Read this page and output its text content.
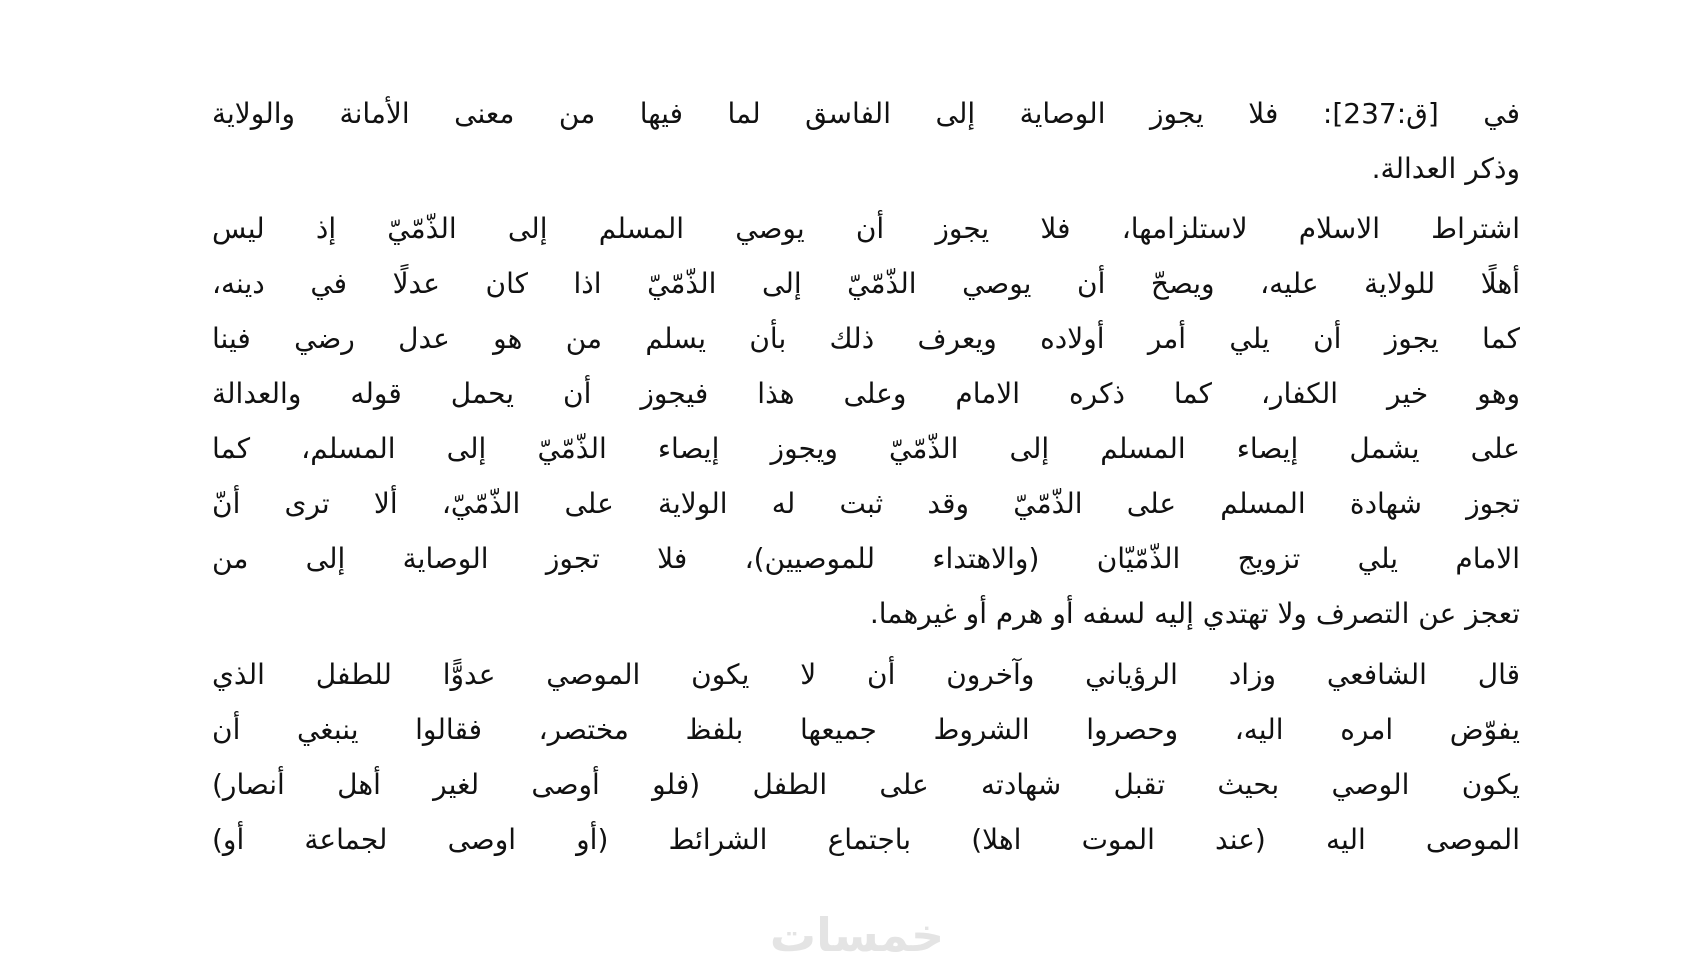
في [ق:237]: فلا يجوز الوصاية إلى الفاسق لما فيها من معنى الأمانة والولاية
وذكر العدالة.

اشتراط الاسلام لاستلزامها، فلا يجوز أن يوصي المسلم إلى الذّمّيّ إذ ليس
أهلًا للولاية عليه، ويصحّ أن يوصي الذّمّيّ إلى الذّمّيّ اذا كان عدلًا في دينه،
كما يجوز أن يلي أمر أولاده ويعرف ذلك بأن يسلم من هو عدل رضي فينا
وهو خير الكفار، كما ذكره الامام وعلى هذا فيجوز أن يحمل قوله والعدالة
على يشمل إيصاء المسلم إلى الذّمّيّ ويجوز إيصاء الذّمّيّ إلى المسلم، كما
تجوز شهادة المسلم على الذّمّيّ وقد ثبت له الولاية على الذّمّيّ، ألا ترى أنّ
الامام يلي تزويج الذّمّيّان (والاهتداء للموصيين)، فلا تجوز الوصاية إلى من
تعجز عن التصرف ولا تهتدي إليه لسفه أو هرم أو غيرهما.

قال الشافعي وزاد الرؤياني وآخرون أن لا يكون الموصي عدوًّا للطفل الذي
يفوّض امره اليه، وحصروا الشروط جميعها بلفظ مختصر، فقالوا ينبغي أن
يكون الوصي بحيث تقبل شهادته على الطفل (فلو أوصى لغير أهل أنصار)
الموصى اليه (عند الموت اهلا) باجتماع الشرائط (أو اوصى لجماعة أو)

خمسات
